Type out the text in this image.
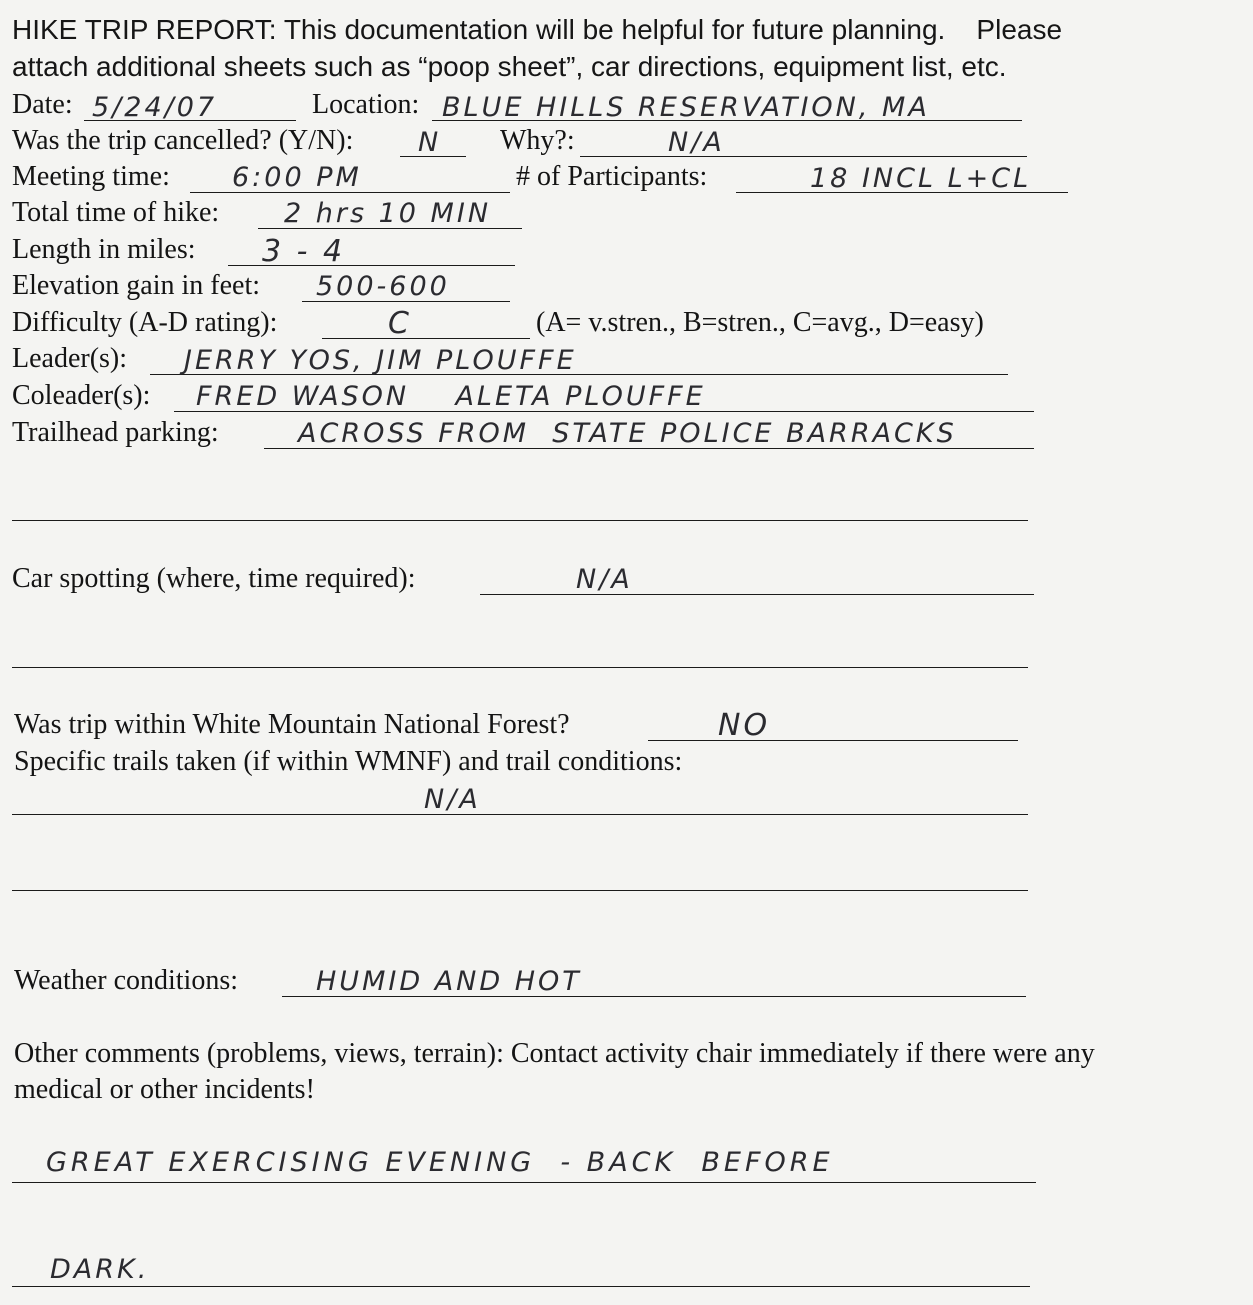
HIKE TRIP REPORT: This documentation will be helpful for future planning.    Please
attach additional sheets such as “poop sheet”, car directions, equipment list, etc.
Date: 5/24/07	Location: BLUE HILLS RESERVATION, MA
Was the trip cancelled? (Y/N): N Why?:	N/A
Meeting time: 6:00 PM	# of Participants:	18 INCL L+CL
Total time of hike: 2 hrs 10 MIN
Length in miles: 3 - 4
Elevation gain in feet: 500-600
Difficulty (A-D rating):	C	(A= v.stren., B=stren., C=avg., D=easy)
Leader(s): JERRY YOS, JIM PLOUFFE
Coleader(s): FRED WASON    ALETA PLOUFFE
Trailhead parking:	ACROSS FROM  STATE POLICE BARRACKS
Car spotting (where, time required):	N/A
Was trip within White Mountain National Forest?	NO
Specific trails taken (if within WMNF) and trail conditions:
N/A
Weather conditions:	HUMID AND HOT
Other comments (problems, views, terrain): Contact activity chair immediately if there were any
medical or other incidents!
GREAT EXERCISING EVENING  - BACK  BEFORE
DARK.
